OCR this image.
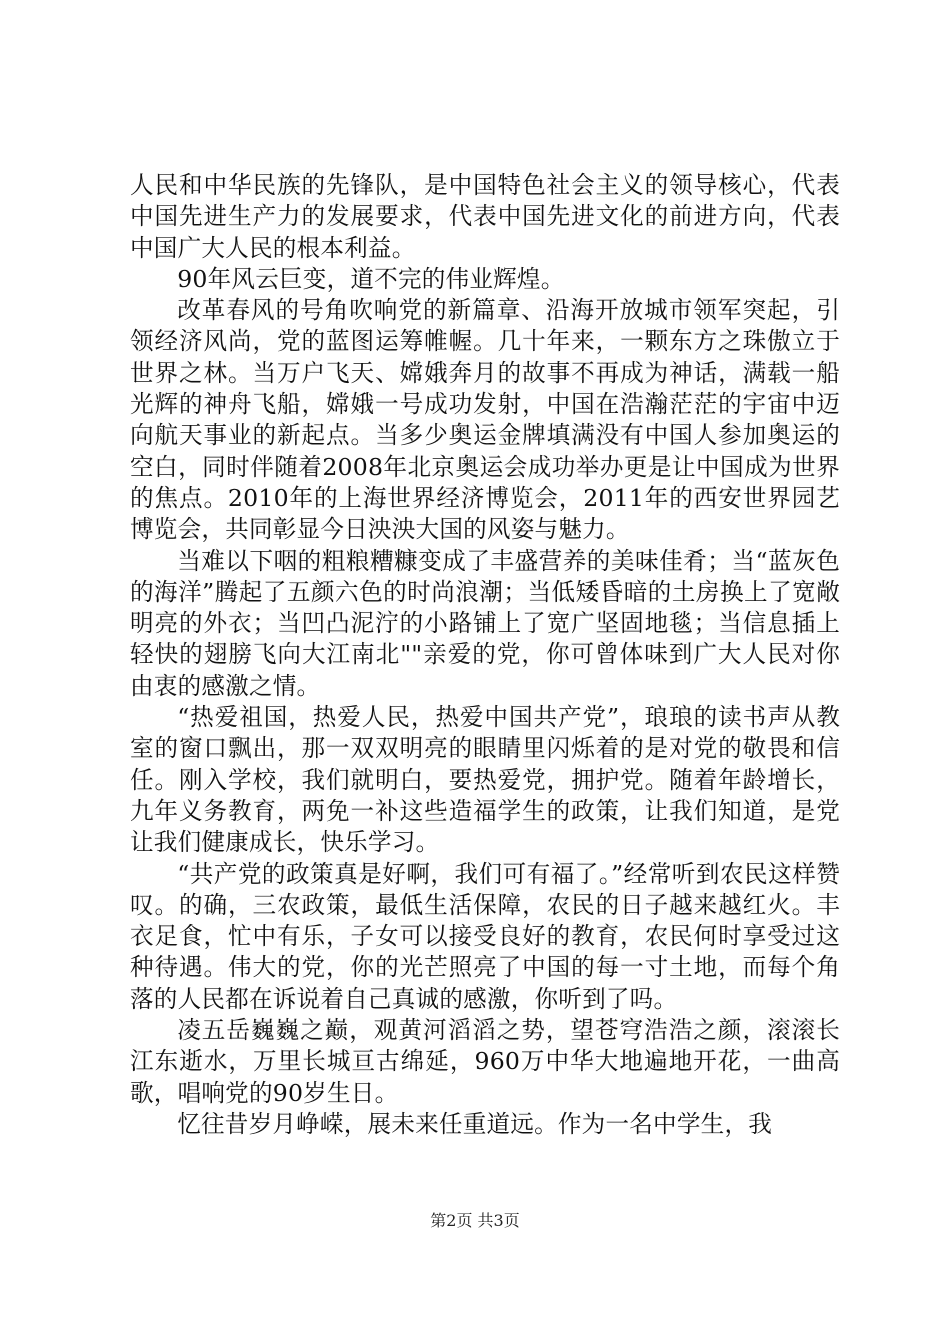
人民和中华民族的先锋队，是中国特色社会主义的领导核心，代表中国先进生产力的发展要求，代表中国先进文化的前进方向，代表中国广大人民的根本利益。

90年风云巨变，道不完的伟业辉煌。

改革春风的号角吹响党的新篇章、沿海开放城市领军突起，引领经济风尚，党的蓝图运筹帷幄。几十年来，一颗东方之珠傲立于世界之林。当万户飞天、嫦娥奔月的故事不再成为神话，满载一船光辉的神舟飞船，嫦娥一号成功发射，中国在浩瀚茫茫的宇宙中迈向航天事业的新起点。当多少奥运金牌填满没有中国人参加奥运的空白，同时伴随着2008年北京奥运会成功举办更是让中国成为世界的焦点。2010年的上海世界经济博览会，2011年的西安世界园艺博览会，共同彰显今日泱泱大国的风姿与魅力。

当难以下咽的粗粮糟糠变成了丰盛营养的美味佳肴；当“蓝灰色的海洋”腾起了五颜六色的时尚浪潮；当低矮昏暗的土房换上了宽敞明亮的外衣；当凹凸泥泞的小路铺上了宽广坚固地毯；当信息插上轻快的翅膀飞向大江南北""亲爱的党，你可曾体味到广大人民对你由衷的感激之情。

“热爱祖国，热爱人民，热爱中国共产党”，琅琅的读书声从教室的窗口飘出，那一双双明亮的眼睛里闪烁着的是对党的敬畏和信任。刚入学校，我们就明白，要热爱党，拥护党。随着年龄增长，九年义务教育，两免一补这些造福学生的政策，让我们知道，是党让我们健康成长，快乐学习。

“共产党的政策真是好啊，我们可有福了。”经常听到农民这样赞叹。的确，三农政策，最低生活保障，农民的日子越来越红火。丰衣足食，忙中有乐，子女可以接受良好的教育，农民何时享受过这种待遇。伟大的党，你的光芒照亮了中国的每一寸土地，而每个角落的人民都在诉说着自己真诚的感激，你听到了吗。

凌五岳巍巍之巅，观黄河滔滔之势，望苍穹浩浩之颜，滚滚长江东逝水，万里长城亘古绵延，960万中华大地遍地开花，一曲高歌，唱响党的90岁生日。

忆往昔岁月峥嵘，展未来任重道远。作为一名中学生，我

第2页 共3页
